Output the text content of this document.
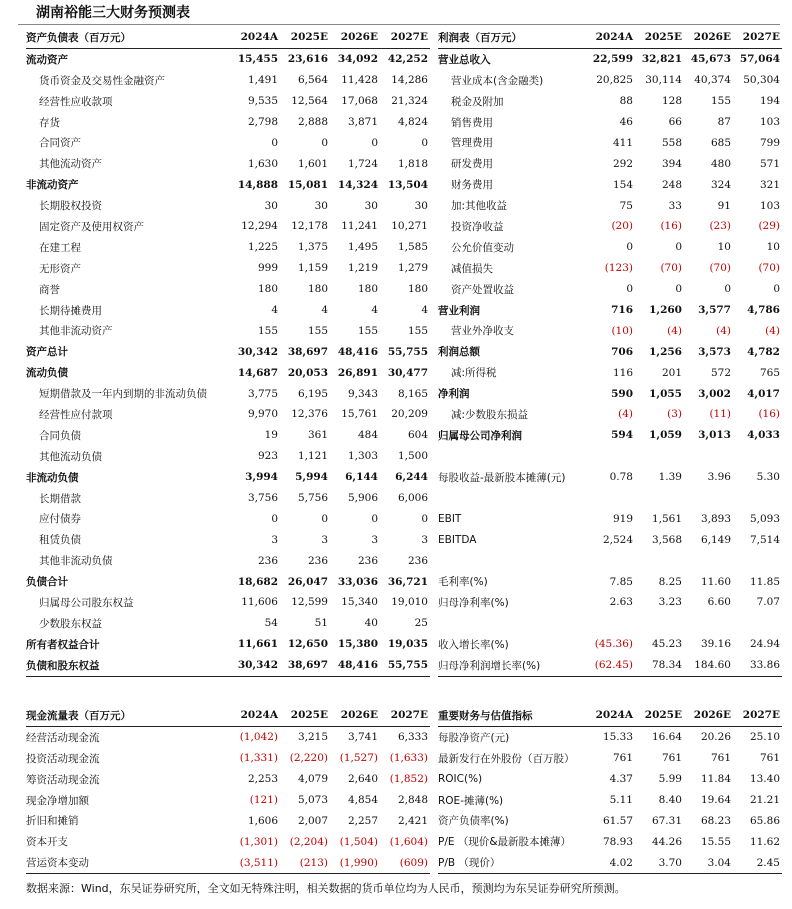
湖南裕能三大财务预测表
资产负债表（百万元）	2024A	2025E	2026E	2027E
流动资产	15,455	23,616	34,092	42,252
货币资金及交易性金融资产	1,491	6,564	11,428	14,286
经营性应收款项	9,535	12,564	17,068	21,324
存货	2,798	2,888	3,871	4,824
合同资产	0	0	0	0
其他流动资产	1,630	1,601	1,724	1,818
非流动资产	14,888	15,081	14,324	13,504
长期股权投资	30	30	30	30
固定资产及使用权资产	12,294	12,178	11,241	10,271
在建工程	1,225	1,375	1,495	1,585
无形资产	999	1,159	1,219	1,279
商誉	180	180	180	180
长期待摊费用	4	4	4	4
其他非流动资产	155	155	155	155
资产总计	30,342	38,697	48,416	55,755
流动负债	14,687	20,053	26,891	30,477
短期借款及一年内到期的非流动负债	3,775	6,195	9,343	8,165
经营性应付款项	9,970	12,376	15,761	20,209
合同负债	19	361	484	604
其他流动负债	923	1,121	1,303	1,500
非流动负债	3,994	5,994	6,144	6,244
长期借款	3,756	5,756	5,906	6,006
应付债券	0	0	0	0
租赁负债	3	3	3	3
其他非流动负债	236	236	236	236
负债合计	18,682	26,047	33,036	36,721
归属母公司股东权益	11,606	12,599	15,340	19,010
少数股东权益	54	51	40	25
所有者权益合计	11,661	12,650	15,380	19,035
负债和股东权益	30,342	38,697	48,416	55,755
利润表（百万元）	2024A	2025E	2026E	2027E
营业总收入	22,599	32,821	45,673	57,064
营业成本(含金融类)	20,825	30,114	40,374	50,304
税金及附加	88	128	155	194
销售费用	46	66	87	103
管理费用	411	558	685	799
研发费用	292	394	480	571
财务费用	154	248	324	321
加:其他收益	75	33	91	103
投资净收益	(20)	(16)	(23)	(29)
公允价值变动	0	0	10	10
减值损失	(123)	(70)	(70)	(70)
资产处置收益	0	0	0	0
营业利润	716	1,260	3,577	4,786
营业外净收支	(10)	(4)	(4)	(4)
利润总额	706	1,256	3,573	4,782
减:所得税	116	201	572	765
净利润	590	1,055	3,002	4,017
减:少数股东损益	(4)	(3)	(11)	(16)
归属母公司净利润	594	1,059	3,013	4,033

每股收益-最新股本摊薄(元)	0.78	1.39	3.96	5.30

EBIT	919	1,561	3,893	5,093
EBITDA	2,524	3,568	6,149	7,514

毛利率(%)	7.85	8.25	11.60	11.85
归母净利率(%)	2.63	3.23	6.60	7.07

收入增长率(%)	(45.36)	45.23	39.16	24.94
归母净利润增长率(%)	(62.45)	78.34	184.60	33.86
现金流量表（百万元）	2024A	2025E	2026E	2027E
经营活动现金流	(1,042)	3,215	3,741	6,333
投资活动现金流	(1,331)	(2,220)	(1,527)	(1,633)
筹资活动现金流	2,253	4,079	2,640	(1,852)
现金净增加额	(121)	5,073	4,854	2,848
折旧和摊销	1,606	2,007	2,257	2,421
资本开支	(1,301)	(2,204)	(1,504)	(1,604)
营运资本变动	(3,511)	(213)	(1,990)	(609)
重要财务与估值指标	2024A	2025E	2026E	2027E
每股净资产(元)	15.33	16.64	20.26	25.10
最新发行在外股份（百万股）	761	761	761	761
ROIC(%)	4.37	5.99	11.84	13.40
ROE-摊薄(%)	5.11	8.40	19.64	21.21
资产负债率(%)	61.57	67.31	68.23	65.86
P/E （现价&最新股本摊薄）	78.93	44.26	15.55	11.62
P/B （现价）	4.02	3.70	3.04	2.45
数据来源：Wind，东吴证券研究所，全文如无特殊注明，相关数据的货币单位均为人民币，预测均为东吴证券研究所预测。
